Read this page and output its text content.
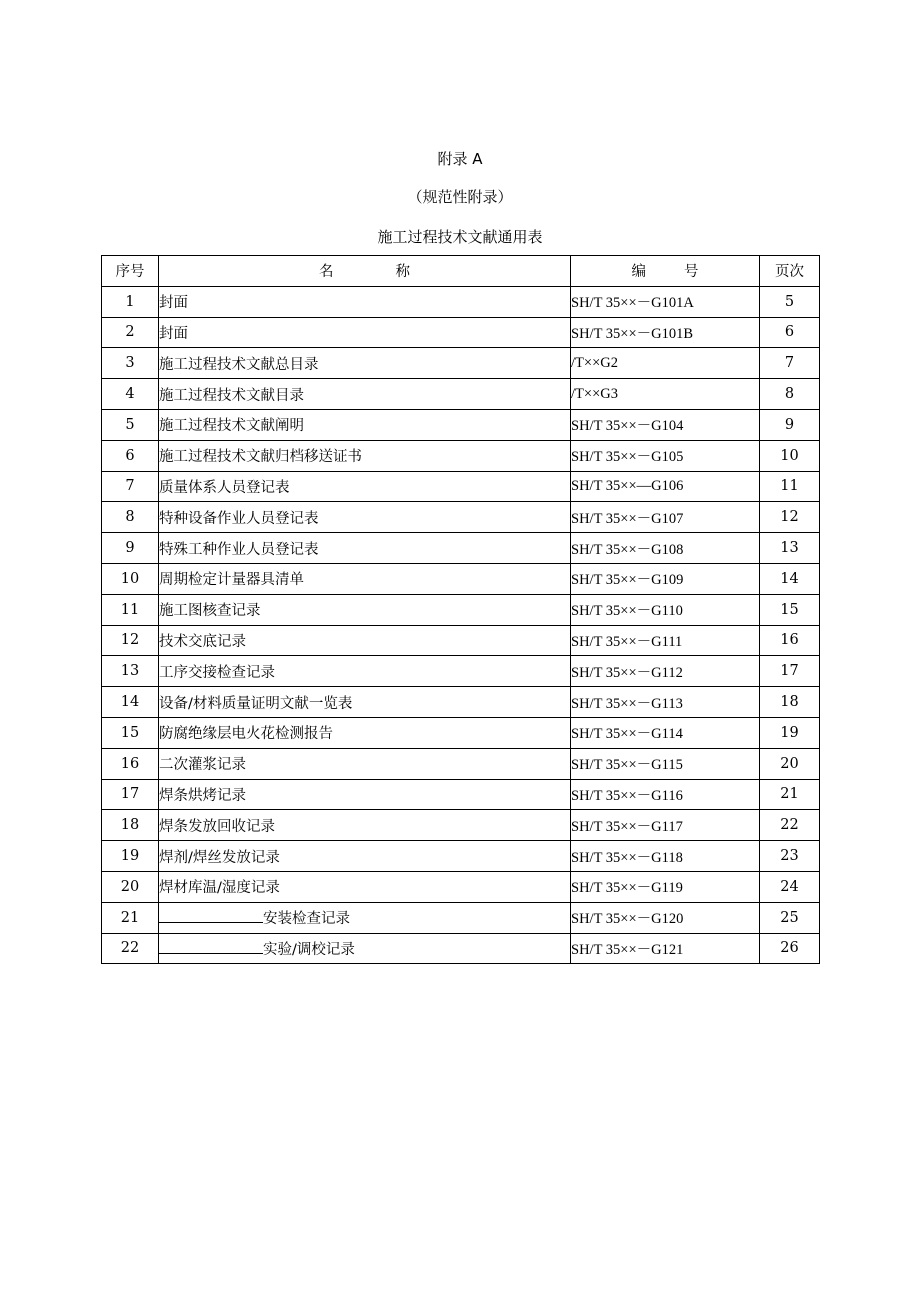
附录 A
（规范性附录）
施工过程技术文献通用表
序号	名 称	编 号	页次
1	封面	SH/T 35××－G101A	5
2	封面	SH/T 35××－G101B	6
3	施工过程技术文献总目录	/T××G2	7
4	施工过程技术文献目录	/T××G3	8
5	施工过程技术文献阐明	SH/T 35××－G104	9
6	施工过程技术文献归档移送证书	SH/T 35××－G105	10
7	质量体系人员登记表	SH/T 35××—G106	11
8	特种设备作业人员登记表	SH/T 35××－G107	12
9	特殊工种作业人员登记表	SH/T 35××－G108	13
10	周期检定计量器具清单	SH/T 35××－G109	14
11	施工图核查记录	SH/T 35××－G110	15
12	技术交底记录	SH/T 35××－G111	16
13	工序交接检查记录	SH/T 35××－G112	17
14	设备/材料质量证明文献一览表	SH/T 35××－G113	18
15	防腐绝缘层电火花检测报告	SH/T 35××－G114	19
16	二次灌浆记录	SH/T 35××－G115	20
17	焊条烘烤记录	SH/T 35××－G116	21
18	焊条发放回收记录	SH/T 35××－G117	22
19	焊剂/焊丝发放记录	SH/T 35××－G118	23
20	焊材库温/湿度记录	SH/T 35××－G119	24
21	安装检查记录	SH/T 35××－G120	25
22	实验/调校记录	SH/T 35××－G121	26
